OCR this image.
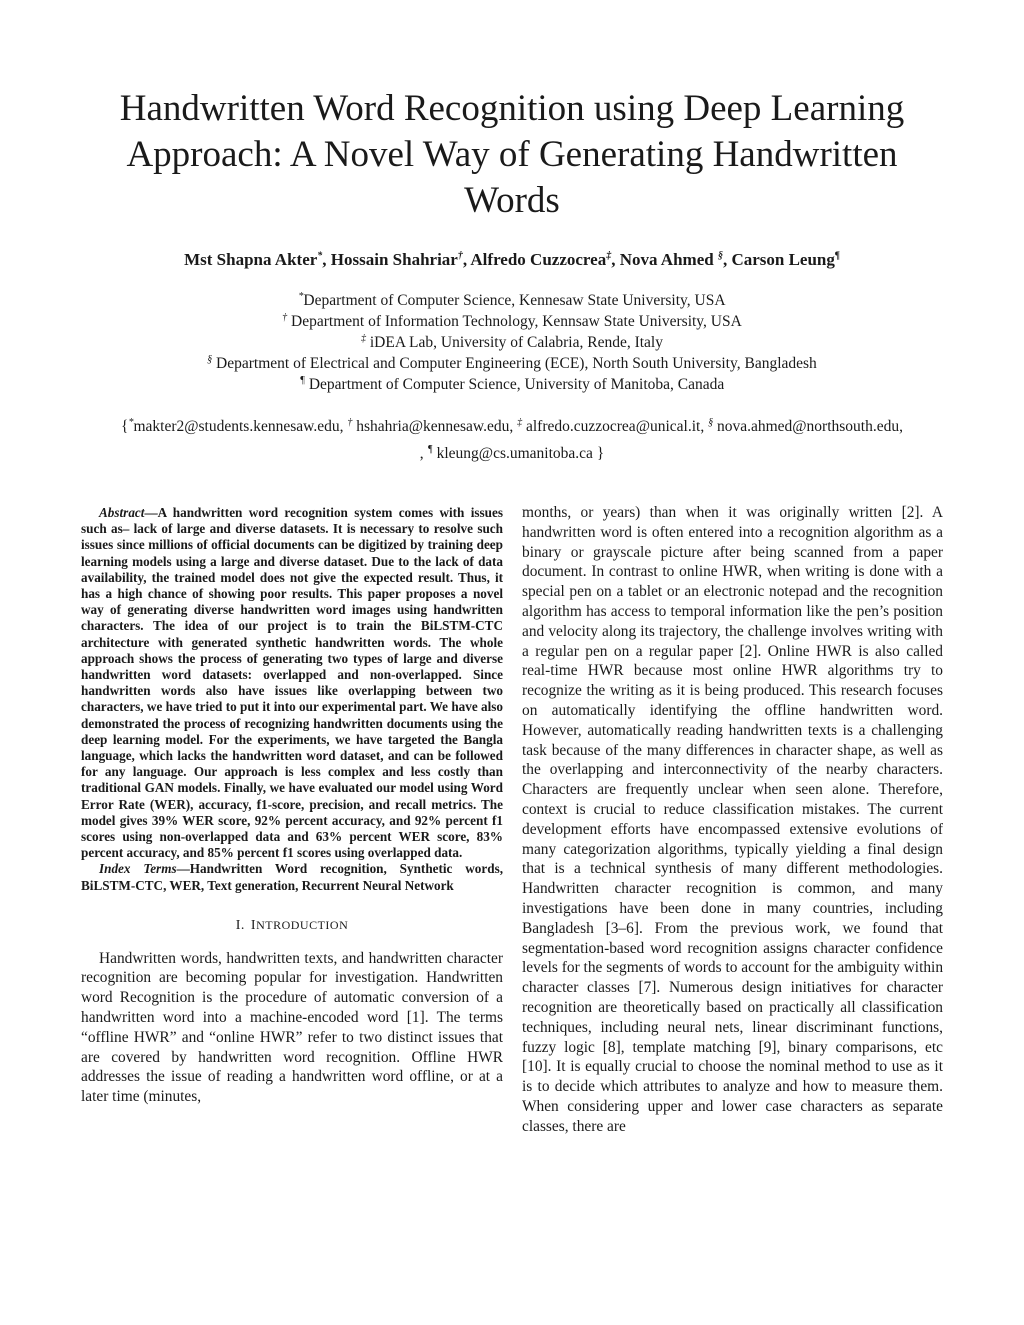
Handwritten Word Recognition using Deep Learning Approach: A Novel Way of Generating Handwritten Words
Mst Shapna Akter*, Hossain Shahriar†, Alfredo Cuzzocrea‡, Nova Ahmed §, Carson Leung¶
*Department of Computer Science, Kennesaw State University, USA
† Department of Information Technology, Kennsaw State University, USA
‡ iDEA Lab, University of Calabria, Rende, Italy
§ Department of Electrical and Computer Engineering (ECE), North South University, Bangladesh
¶ Department of Computer Science, University of Manitoba, Canada
{*makter2@students.kennesaw.edu, † hshahria@kennesaw.edu, ‡ alfredo.cuzzocrea@unical.it, § nova.ahmed@northsouth.edu,
, ¶ kleung@cs.umanitoba.ca }

Abstract—A handwritten word recognition system comes with issues such as– lack of large and diverse datasets. It is necessary to resolve such issues since millions of official documents can be digitized by training deep learning models using a large and diverse dataset. Due to the lack of data availability, the trained model does not give the expected result. Thus, it has a high chance of showing poor results. This paper proposes a novel way of generating diverse handwritten word images using handwritten characters. The idea of our project is to train the BiLSTM-CTC architecture with generated synthetic handwritten words. The whole approach shows the process of generating two types of large and diverse handwritten word datasets: overlapped and non-overlapped. Since handwritten words also have issues like overlapping between two characters, we have tried to put it into our experimental part. We have also demonstrated the process of recognizing handwritten documents using the deep learning model. For the experiments, we have targeted the Bangla language, which lacks the handwritten word dataset, and can be followed for any language. Our approach is less complex and less costly than traditional GAN models. Finally, we have evaluated our model using Word Error Rate (WER), accuracy, f1-score, precision, and recall metrics. The model gives 39% WER score, 92% percent accuracy, and 92% percent f1 scores using non-overlapped data and 63% percent WER score, 83% percent accuracy, and 85% percent f1 scores using overlapped data.

Index Terms—Handwritten Word recognition, Synthetic words, BiLSTM-CTC, WER, Text generation, Recurrent Neural Network

I. INTRODUCTION

Handwritten words, handwritten texts, and handwritten character recognition are becoming popular for investigation. Handwritten word Recognition is the procedure of automatic conversion of a handwritten word into a machine-encoded word [1]. The terms “offline HWR” and “online HWR” refer to two distinct issues that are covered by handwritten word recognition. Offline HWR addresses the issue of reading a handwritten word offline, or at a later time (minutes,

months, or years) than when it was originally written [2]. A handwritten word is often entered into a recognition algorithm as a binary or grayscale picture after being scanned from a paper document. In contrast to online HWR, when writing is done with a special pen on a tablet or an electronic notepad and the recognition algorithm has access to temporal information like the pen’s position and velocity along its trajectory, the challenge involves writing with a regular pen on a regular paper [2]. Online HWR is also called real-time HWR because most online HWR algorithms try to recognize the writing as it is being produced. This research focuses on automatically identifying the offline handwritten word. However, automatically reading handwritten texts is a challenging task because of the many differences in character shape, as well as the overlapping and interconnectivity of the nearby characters. Characters are frequently unclear when seen alone. Therefore, context is crucial to reduce classification mistakes. The current development efforts have encompassed extensive evolutions of many categorization algorithms, typically yielding a final design that is a technical synthesis of many different methodologies. Handwritten character recognition is common, and many investigations have been done in many countries, including Bangladesh [3–6]. From the previous work, we found that segmentation-based word recognition assigns character confidence levels for the segments of words to account for the ambiguity within character classes [7]. Numerous design initiatives for character recognition are theoretically based on practically all classification techniques, including neural nets, linear discriminant functions, fuzzy logic [8], template matching [9], binary comparisons, etc [10]. It is equally crucial to choose the nominal method to use as it is to decide which attributes to analyze and how to measure them. When considering upper and lower case characters as separate classes, there are
